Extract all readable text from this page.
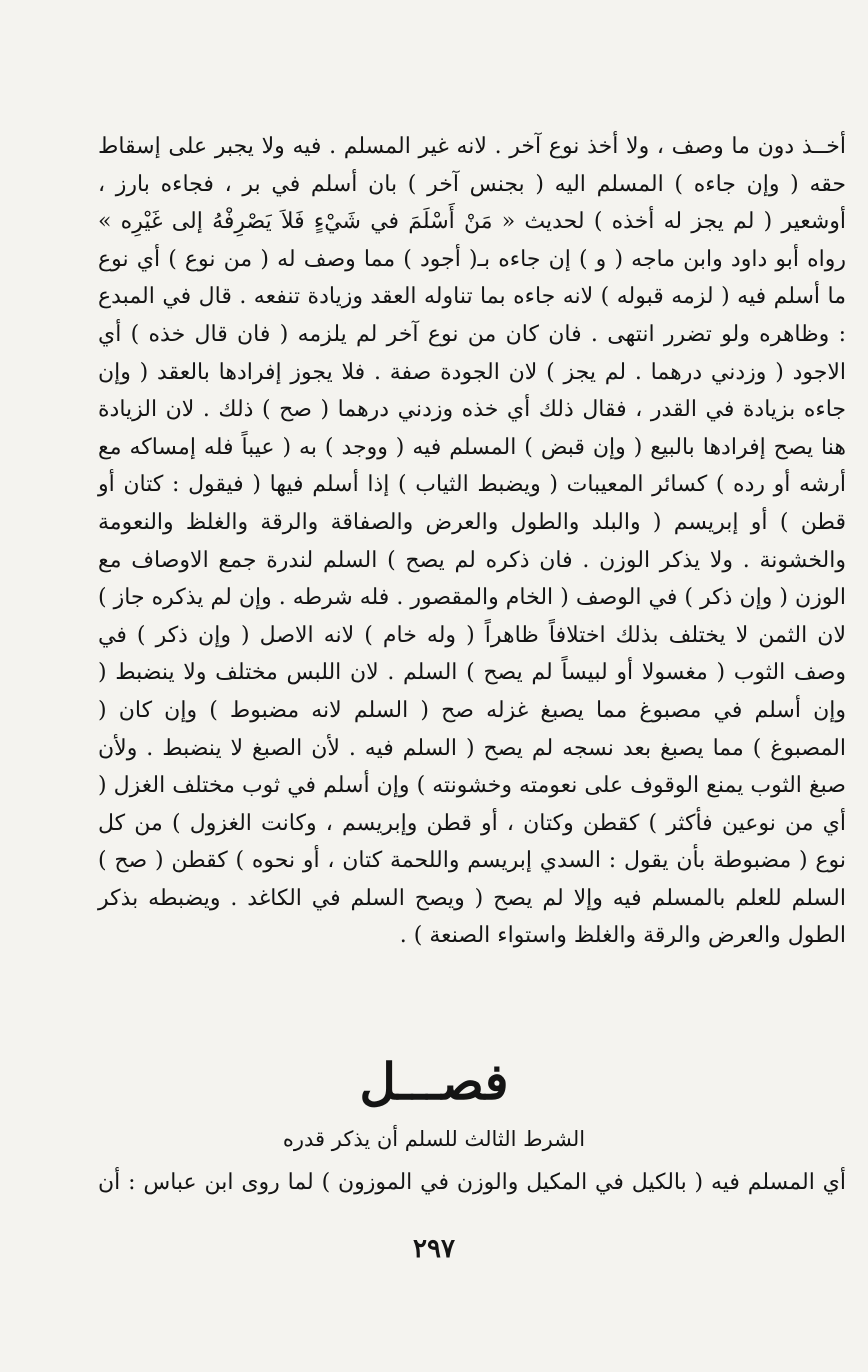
أخــذ دون ما وصف ، ولا أخذ نوع آخر . لانه غير المسلم . فيه ولا يجبر على إسقاط حقه ( وإن جاءه ) المسلم اليه ( بجنس آخر ) بان أسلم في بر ، فجاءه بارز ، أوشعير ( لم يجز له أخذه ) لحديث « مَنْ أَسْلَمَ في شَيْءٍ فَلاَ يَصْرِفْهُ إلى غَيْرِه » رواه أبو داود وابن ماجه ( و ) إن جاءه بـ( أجود ) مما وصف له ( من نوع ) أي نوع ما أسلم فيه ( لزمه قبوله ) لانه جاءه بما تناوله العقد وزيادة تنفعه . قال في المبدع : وظاهره ولو تضرر انتهى . فان كان من نوع آخر لم يلزمه ( فان قال خذه ) أي الاجود ( وزدني درهما . لم يجز ) لان الجودة صفة . فلا يجوز إفرادها بالعقد ( وإن جاءه بزيادة في القدر ، فقال ذلك أي خذه وزدني درهما ( صح ) ذلك . لان الزيادة هنا يصح إفرادها بالبيع ( وإن قبض ) المسلم فيه ( ووجد ) به ( عيباً فله إمساكه مع أرشه أو رده ) كسائر المعيبات ( ويضبط الثياب ) إذا أسلم فيها ( فيقول : كتان أو قطن ) أو إبريسم ( والبلد والطول والعرض والصفاقة والرقة والغلظ والنعومة والخشونة . ولا يذكر الوزن . فان ذكره لم يصح ) السلم لندرة جمع الاوصاف مع الوزن ( وإن ذكر ) في الوصف ( الخام والمقصور . فله شرطه . وإن لم يذكره جاز ) لان الثمن لا يختلف بذلك اختلافاً ظاهراً ( وله خام ) لانه الاصل ( وإن ذكر ) في وصف الثوب ( مغسولا أو لبيساً لم يصح ) السلم . لان اللبس مختلف ولا ينضبط ( وإن أسلم في مصبوغ مما يصبغ غزله صح ( السلم لانه مضبوط ) وإن كان ( المصبوغ ) مما يصبغ بعد نسجه لم يصح ( السلم فيه . لأن الصبغ لا ينضبط . ولأن صبغ الثوب يمنع الوقوف على نعومته وخشونته ) وإن أسلم في ثوب مختلف الغزل ( أي من نوعين فأكثر ) كقطن وكتان ، أو قطن وإبريسم ، وكانت الغزول ) من كل نوع ( مضبوطة بأن يقول : السدي إبريسم واللحمة كتان ، أو نحوه ) كقطن ( صح ) السلم للعلم بالمسلم فيه وإلا لم يصح ( ويصح السلم في الكاغد . ويضبطه بذكر الطول والعرض والرقة والغلظ واستواء الصنعة ) .

فصـــل

الشرط الثالث للسلم أن يذكر قدره

أي المسلم فيه ( بالكيل في المكيل والوزن في الموزون ) لما روى ابن عباس : أن

٢٩٧
